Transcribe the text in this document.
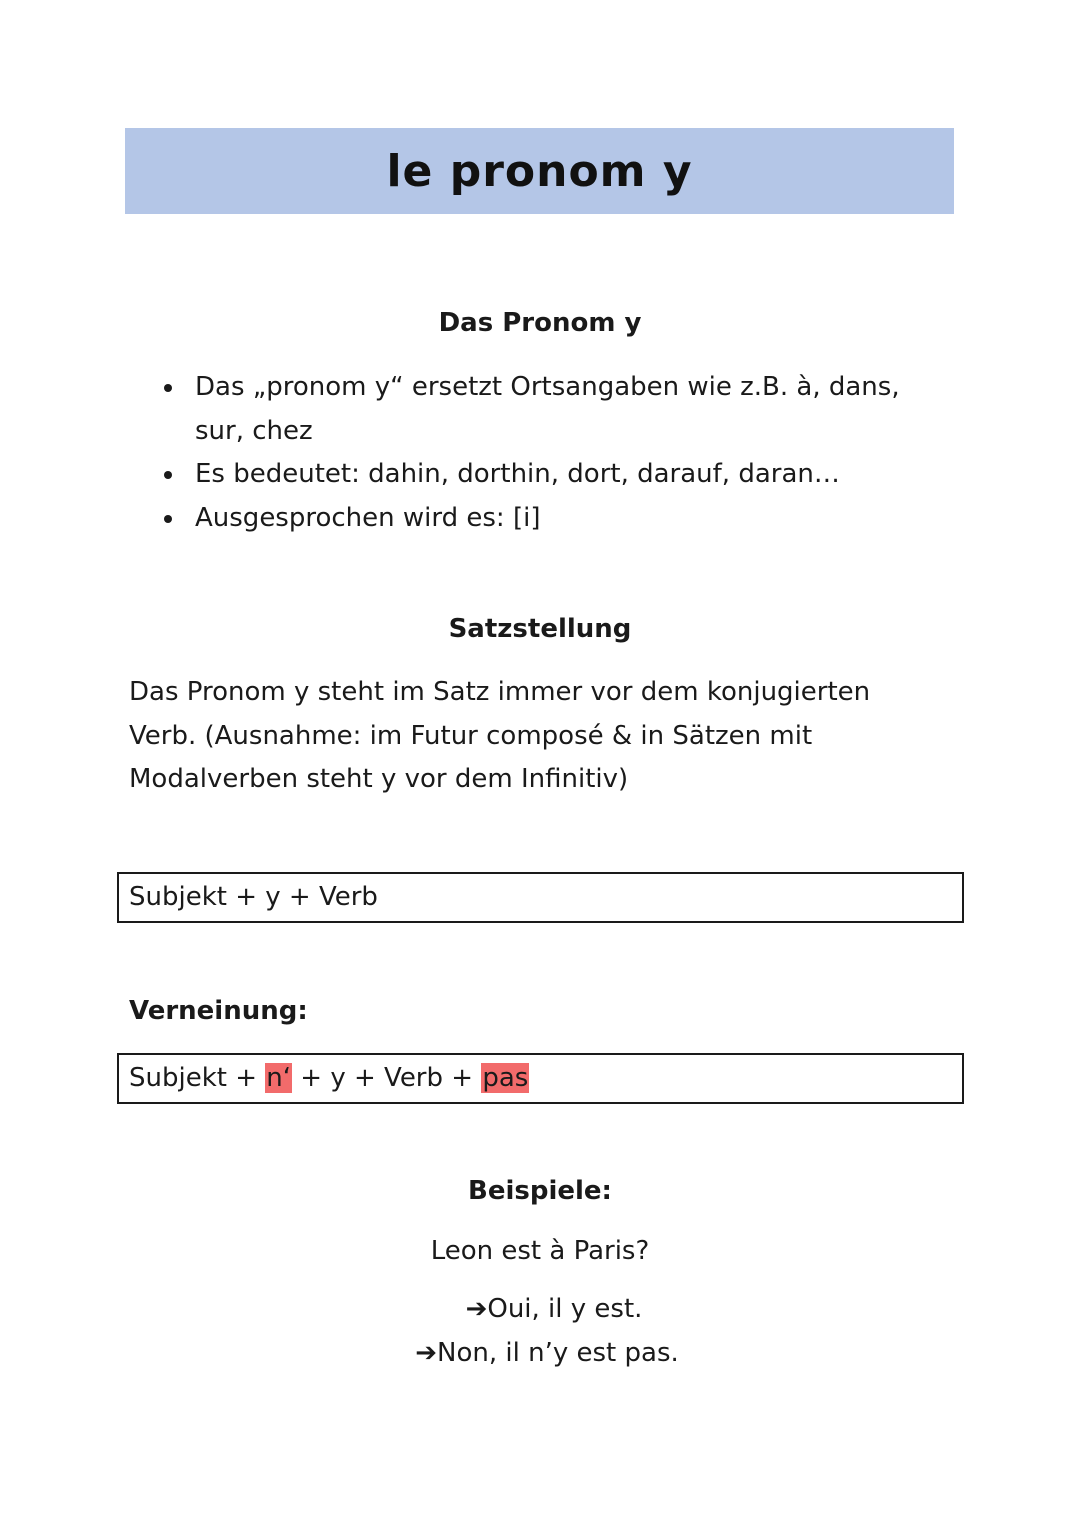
le pronom y
Das Pronom y
Das „pronom y“ ersetzt Ortsangaben wie z.B. à, dans,
sur, chez
Es bedeutet: dahin, dorthin, dort, darauf, daran…
Ausgesprochen wird es: [i]
Satzstellung

Das Pronom y steht im Satz immer vor dem konjugierten
Verb. (Ausnahme: im Futur composé & in Sätzen mit
Modalverben steht y vor dem Infinitiv)

Subjekt + y + Verb

Verneinung:

Subjekt + n‘ + y + Verb + pas
Beispiele:

Leon est à Paris?

➔Oui, il y est.

➔Non, il n’y est pas.
